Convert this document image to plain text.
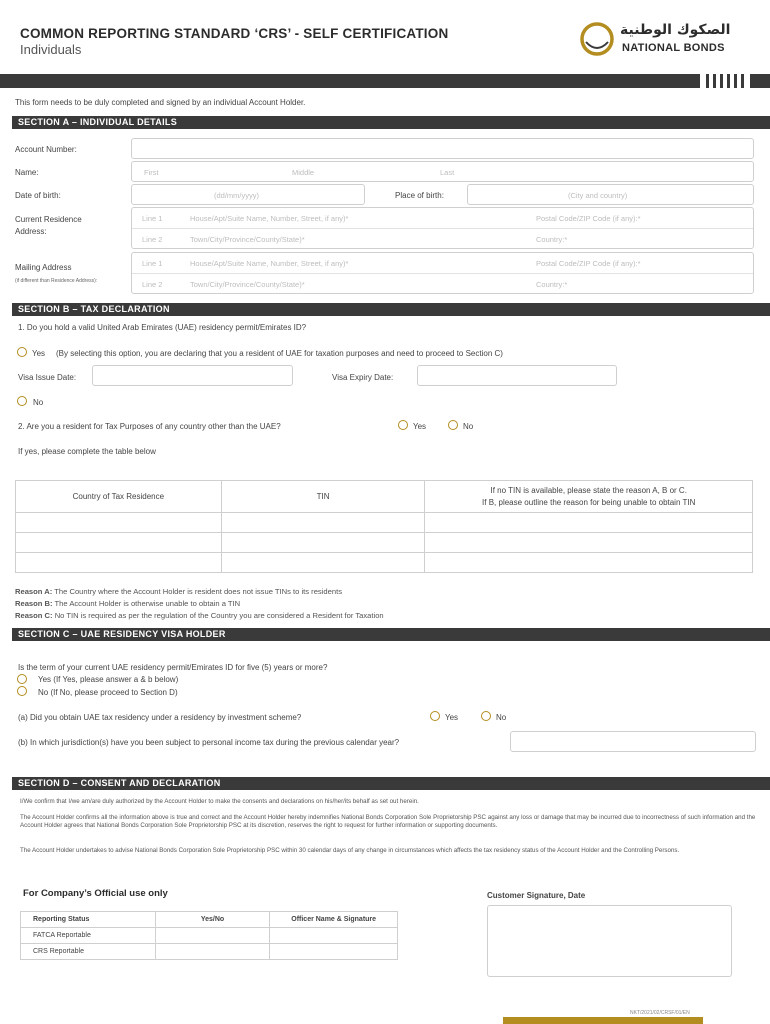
COMMON REPORTING STANDARD ‘CRS’ - SELF CERTIFICATION
Individuals
الصكوك الوطنية
NATIONAL BONDS
This form needs to be duly completed and signed by an individual Account Holder.
SECTION A – INDIVIDUAL DETAILS
Account Number:
Name:	First	Middle	Last
Date of birth:	(dd/mm/yyyy)	Place of birth:	(City and country)
Current Residence Address:
Line 1	House/Apt/Suite Name, Number, Street, if any)*	Postal Code/ZIP Code (if any):*
Line 2	Town/City/Province/County/State)*	Country:*
Mailing Address
(if different than Residence Address):
Line 1	House/Apt/Suite Name, Number, Street, if any)*	Postal Code/ZIP Code (if any):*
Line 2	Town/City/Province/County/State)*	Country:*
SECTION B – TAX DECLARATION
1. Do you hold a valid United Arab Emirates (UAE) residency permit/Emirates ID?
Yes (By selecting this option, you are declaring that you a resident of UAE for taxation purposes and need to proceed to Section C)
Visa Issue Date:	Visa Expiry Date:
No
2. Are you a resident for Tax Purposes of any country other than the UAE?	Yes	No
If yes, please complete the table below
Country of Tax Residence	TIN	If no TIN is available, please state the reason A, B or C.
If B, please outline the reason for being unable to obtain TIN

Reason A: The Country where the Account Holder is resident does not issue TINs to its residents
Reason B: The Account Holder is otherwise unable to obtain a TIN
Reason C: No TIN is required as per the regulation of the Country you are considered a Resident for Taxation
SECTION C – UAE RESIDENCY VISA HOLDER
Is the term of your current UAE residency permit/Emirates ID for five (5) years or more?
Yes (If Yes, please answer a & b below)
No (If No, please proceed to Section D)
(a) Did you obtain UAE tax residency under a residency by investment scheme?	Yes	No
(b) In which jurisdiction(s) have you been subject to personal income tax during the previous calendar year?
SECTION D – CONSENT AND DECLARATION
I/We confirm that I/we am/are duly authorized by the Account Holder to make the consents and declarations on his/her/its behalf as set out herein.
The Account Holder confirms all the information above is true and correct and the Account Holder hereby indemnifies National Bonds Corporation Sole Proprietorship PSC against any loss or damage that may be incurred due to incorrectness of such information and the Account Holder agrees that National Bonds Corporation Sole Proprietorship PSC at its discretion, reserves the right to request for further information or supporting documents.
The Account Holder undertakes to advise National Bonds Corporation Sole Proprietorship PSC within 30 calendar days of any change in circumstances which affects the tax residency status of the Account Holder and the Controlling Persons.
For Company’s Official use only
Reporting Status	Yes/No	Officer Name & Signature
FATCA Reportable		
CRS Reportable		
Customer Signature, Date
NKT/2021/02/CRSF/01/EN
